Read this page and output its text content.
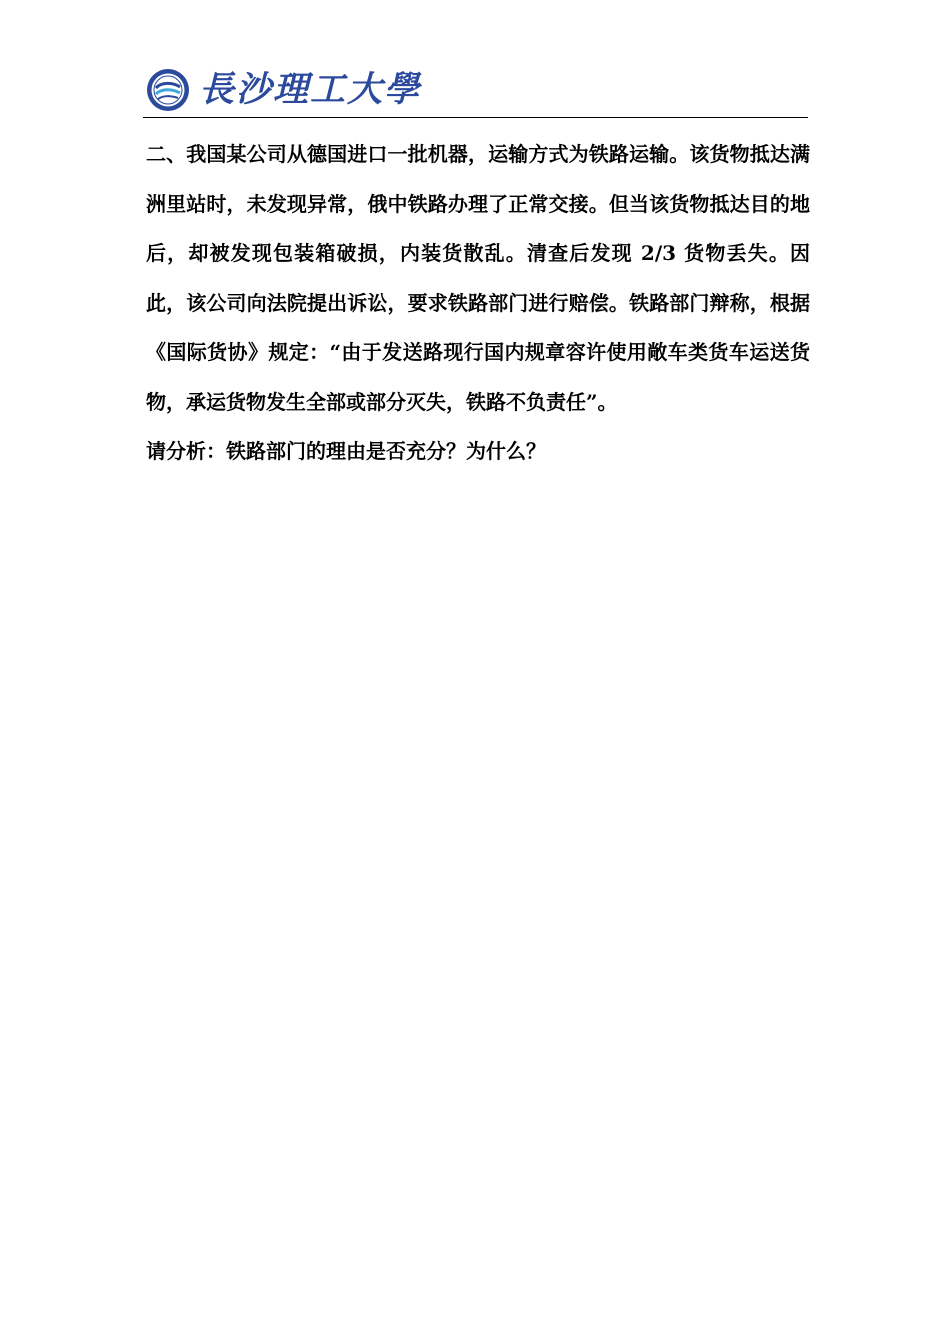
長沙理工大學

二、我国某公司从德国进口一批机器，运输方式为铁路运输。该货物抵达满洲里站时，未发现异常，俄中铁路办理了正常交接。但当该货物抵达目的地后，却被发现包装箱破损，内装货散乱。清查后发现 2/3 货物丢失。因此，该公司向法院提出诉讼，要求铁路部门进行赔偿。铁路部门辩称，根据《国际货协》规定：“由于发送路现行国内规章容许使用敞车类货车运送货物，承运货物发生全部或部分灭失，铁路不负责任”。

请分析：铁路部门的理由是否充分？为什么？
